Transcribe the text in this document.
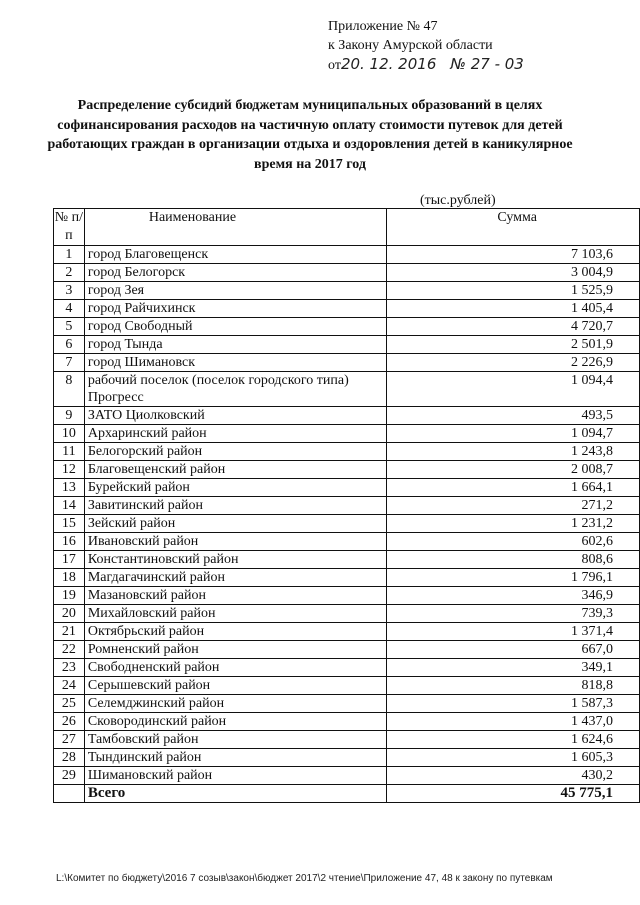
Приложение № 47
к Закону Амурской области
от20. 12. 2016 № 27 - 03
Распределение субсидий бюджетам муниципальных образований в целях софинансирования расходов на частичную оплату стоимости путевок для детей работающих граждан в организации отдыха и оздоровления детей в каникулярное время на 2017 год
(тыс.рублей)
№ п/п	Наименование	Сумма
1	город Благовещенск	7 103,6
2	город Белогорск	3 004,9
3	город Зея	1 525,9
4	город Райчихинск	1 405,4
5	город Свободный	4 720,7
6	город Тында	2 501,9
7	город Шимановск	2 226,9
8	рабочий поселок (поселок городского типа) Прогресс	1 094,4
9	ЗАТО Циолковский	493,5
10	Архаринский район	1 094,7
11	Белогорский район	1 243,8
12	Благовещенский район	2 008,7
13	Бурейский район	1 664,1
14	Завитинский район	271,2
15	Зейский район	1 231,2
16	Ивановский район	602,6
17	Константиновский район	808,6
18	Магдагачинский район	1 796,1
19	Мазановский район	346,9
20	Михайловский район	739,3
21	Октябрьский район	1 371,4
22	Ромненский район	667,0
23	Свободненский район	349,1
24	Серышевский район	818,8
25	Селемджинский район	1 587,3
26	Сковородинский район	1 437,0
27	Тамбовский район	1 624,6
28	Тындинский район	1 605,3
29	Шимановский район	430,2
	Всего	45 775,1
L:\Комитет по бюджету\2016 7 созыв\закон\бюджет 2017\2 чтение\Приложение 47, 48 к закону по путевкам
